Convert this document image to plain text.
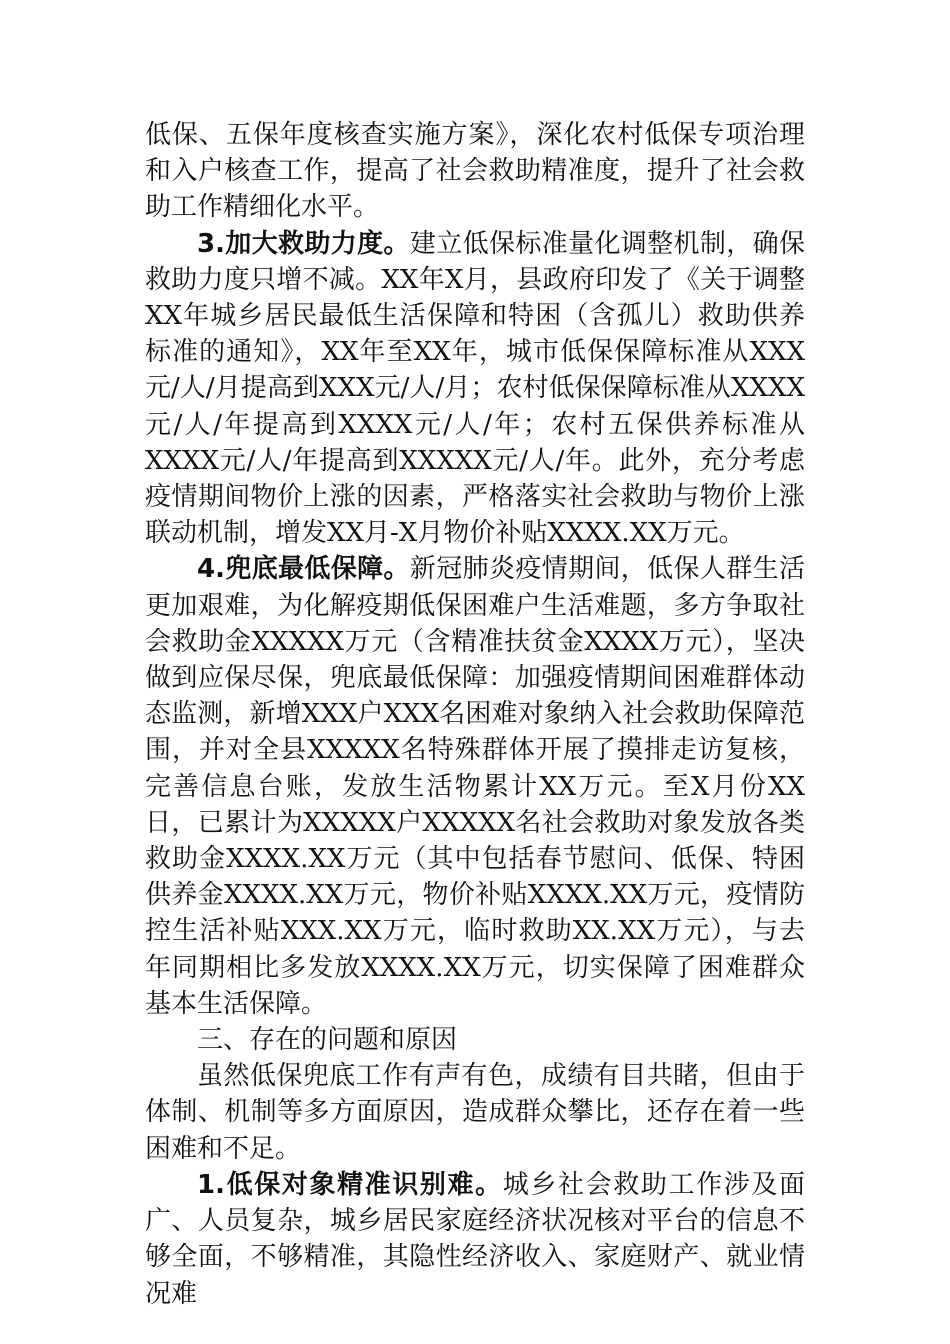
低保、五保年度核查实施方案》，深化农村低保专项治理和入户核查工作，提高了社会救助精准度，提升了社会救助工作精细化水平。

3.加大救助力度。建立低保标准量化调整机制，确保救助力度只增不减。XX年X月，县政府印发了《关于调整XX年城乡居民最低生活保障和特困（含孤儿）救助供养标准的通知》，XX年至XX年，城市低保保障标准从XXX元/人/月提高到XXX元/人/月；农村低保保障标准从XXXX元/人/年提高到XXXX元/人/年；农村五保供养标准从XXXX元/人/年提高到XXXXX元/人/年。此外，充分考虑疫情期间物价上涨的因素，严格落实社会救助与物价上涨联动机制，增发XX月-X月物价补贴XXXX.XX万元。

4.兜底最低保障。新冠肺炎疫情期间，低保人群生活更加艰难，为化解疫期低保困难户生活难题，多方争取社会救助金XXXXX万元（含精准扶贫金XXXX万元），坚决做到应保尽保，兜底最低保障：加强疫情期间困难群体动态监测，新增XXX户XXX名困难对象纳入社会救助保障范围，并对全县XXXXX名特殊群体开展了摸排走访复核，完善信息台账，发放生活物累计XX万元。至X月份XX日，已累计为XXXXX户XXXXX名社会救助对象发放各类救助金XXXX.XX万元（其中包括春节慰问、低保、特困供养金XXXX.XX万元，物价补贴XXXX.XX万元，疫情防控生活补贴XXX.XX万元，临时救助XX.XX万元），与去年同期相比多发放XXXX.XX万元，切实保障了困难群众基本生活保障。

三、存在的问题和原因

虽然低保兜底工作有声有色，成绩有目共睹，但由于体制、机制等多方面原因，造成群众攀比，还存在着一些困难和不足。

1.低保对象精准识别难。城乡社会救助工作涉及面广、人员复杂，城乡居民家庭经济状况核对平台的信息不够全面，不够精准，其隐性经济收入、家庭财产、就业情况难
